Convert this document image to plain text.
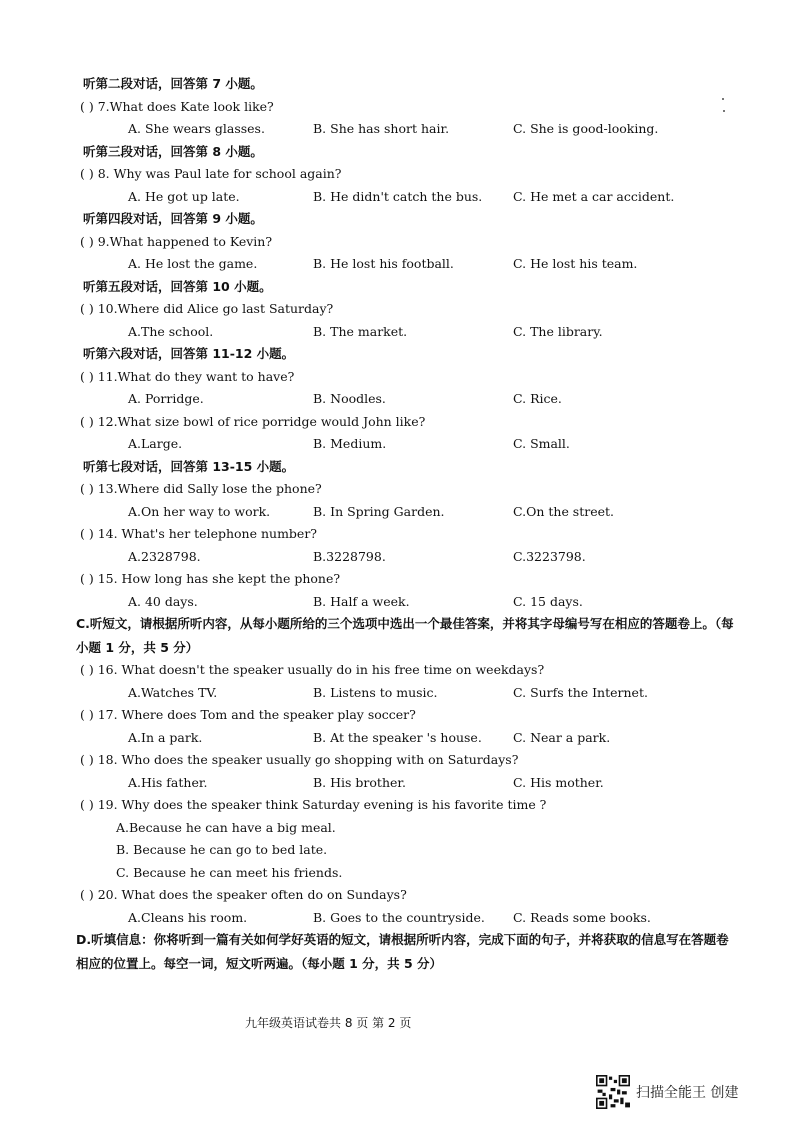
听第二段对话，回答第 7 小题。
( ) 7.What does Kate look like?
A. She wears glasses.	B. She has short hair.	C. She is good-looking.
听第三段对话，回答第 8 小题。
( ) 8. Why was Paul late for school again?
A. He got up late.	B. He didn't catch the bus. C. He met a car accident.
听第四段对话，回答第 9 小题。
( ) 9.What happened to Kevin?
A. He lost the game.	B. He lost his football.	C. He lost his team.
听第五段对话，回答第 10 小题。
( ) 10.Where did Alice go last Saturday?
A.The school.	B. The market.	C. The library.
听第六段对话，回答第 11-12 小题。
( ) 11.What do they want to have?
A. Porridge.	B. Noodles.	C. Rice.
( ) 12.What size bowl of rice porridge would John like?
A.Large.	B. Medium.	C. Small.
听第七段对话，回答第 13-15 小题。
( ) 13.Where did Sally lose the phone?
A.On her way to work.	B. In Spring Garden.	C.On the street.
( ) 14. What's her telephone number?
A.2328798.	B.3228798.	C.3223798.
( ) 15. How long has she kept the phone?
A. 40 days.	B. Half a week.	C. 15 days.
C.听短文，请根据所听内容，从每小题所给的三个选项中选出一个最佳答案，并将其字母编号写在相应的答题卷上。（每小题 1 分，共 5 分）
( ) 16. What doesn't the speaker usually do in his free time on weekdays?
A.Watches TV.	B. Listens to music.	C. Surfs the Internet.
( ) 17. Where does Tom and the speaker play soccer?
A.In a park.	B. At the speaker 's house. C. Near a park.
( ) 18. Who does the speaker usually go shopping with on Saturdays?
A.His father.	B. His brother.	C. His mother.
( ) 19. Why does the speaker think Saturday evening is his favorite time ?
A.Because he can have a big meal.
B. Because he can go to bed late.
C. Because he can meet his friends.
( ) 20. What does the speaker often do on Sundays?
A.Cleans his room.	B. Goes to the countryside. C. Reads some books.
D.听填信息：你将听到一篇有关如何学好英语的短文，请根据所听内容，完成下面的句子，并将获取的信息写在答题卷相应的位置上。每空一词，短文听两遍。（每小题 1 分，共 5 分）
九年级英语试卷共 8 页 第 2 页
扫描全能王 创建
